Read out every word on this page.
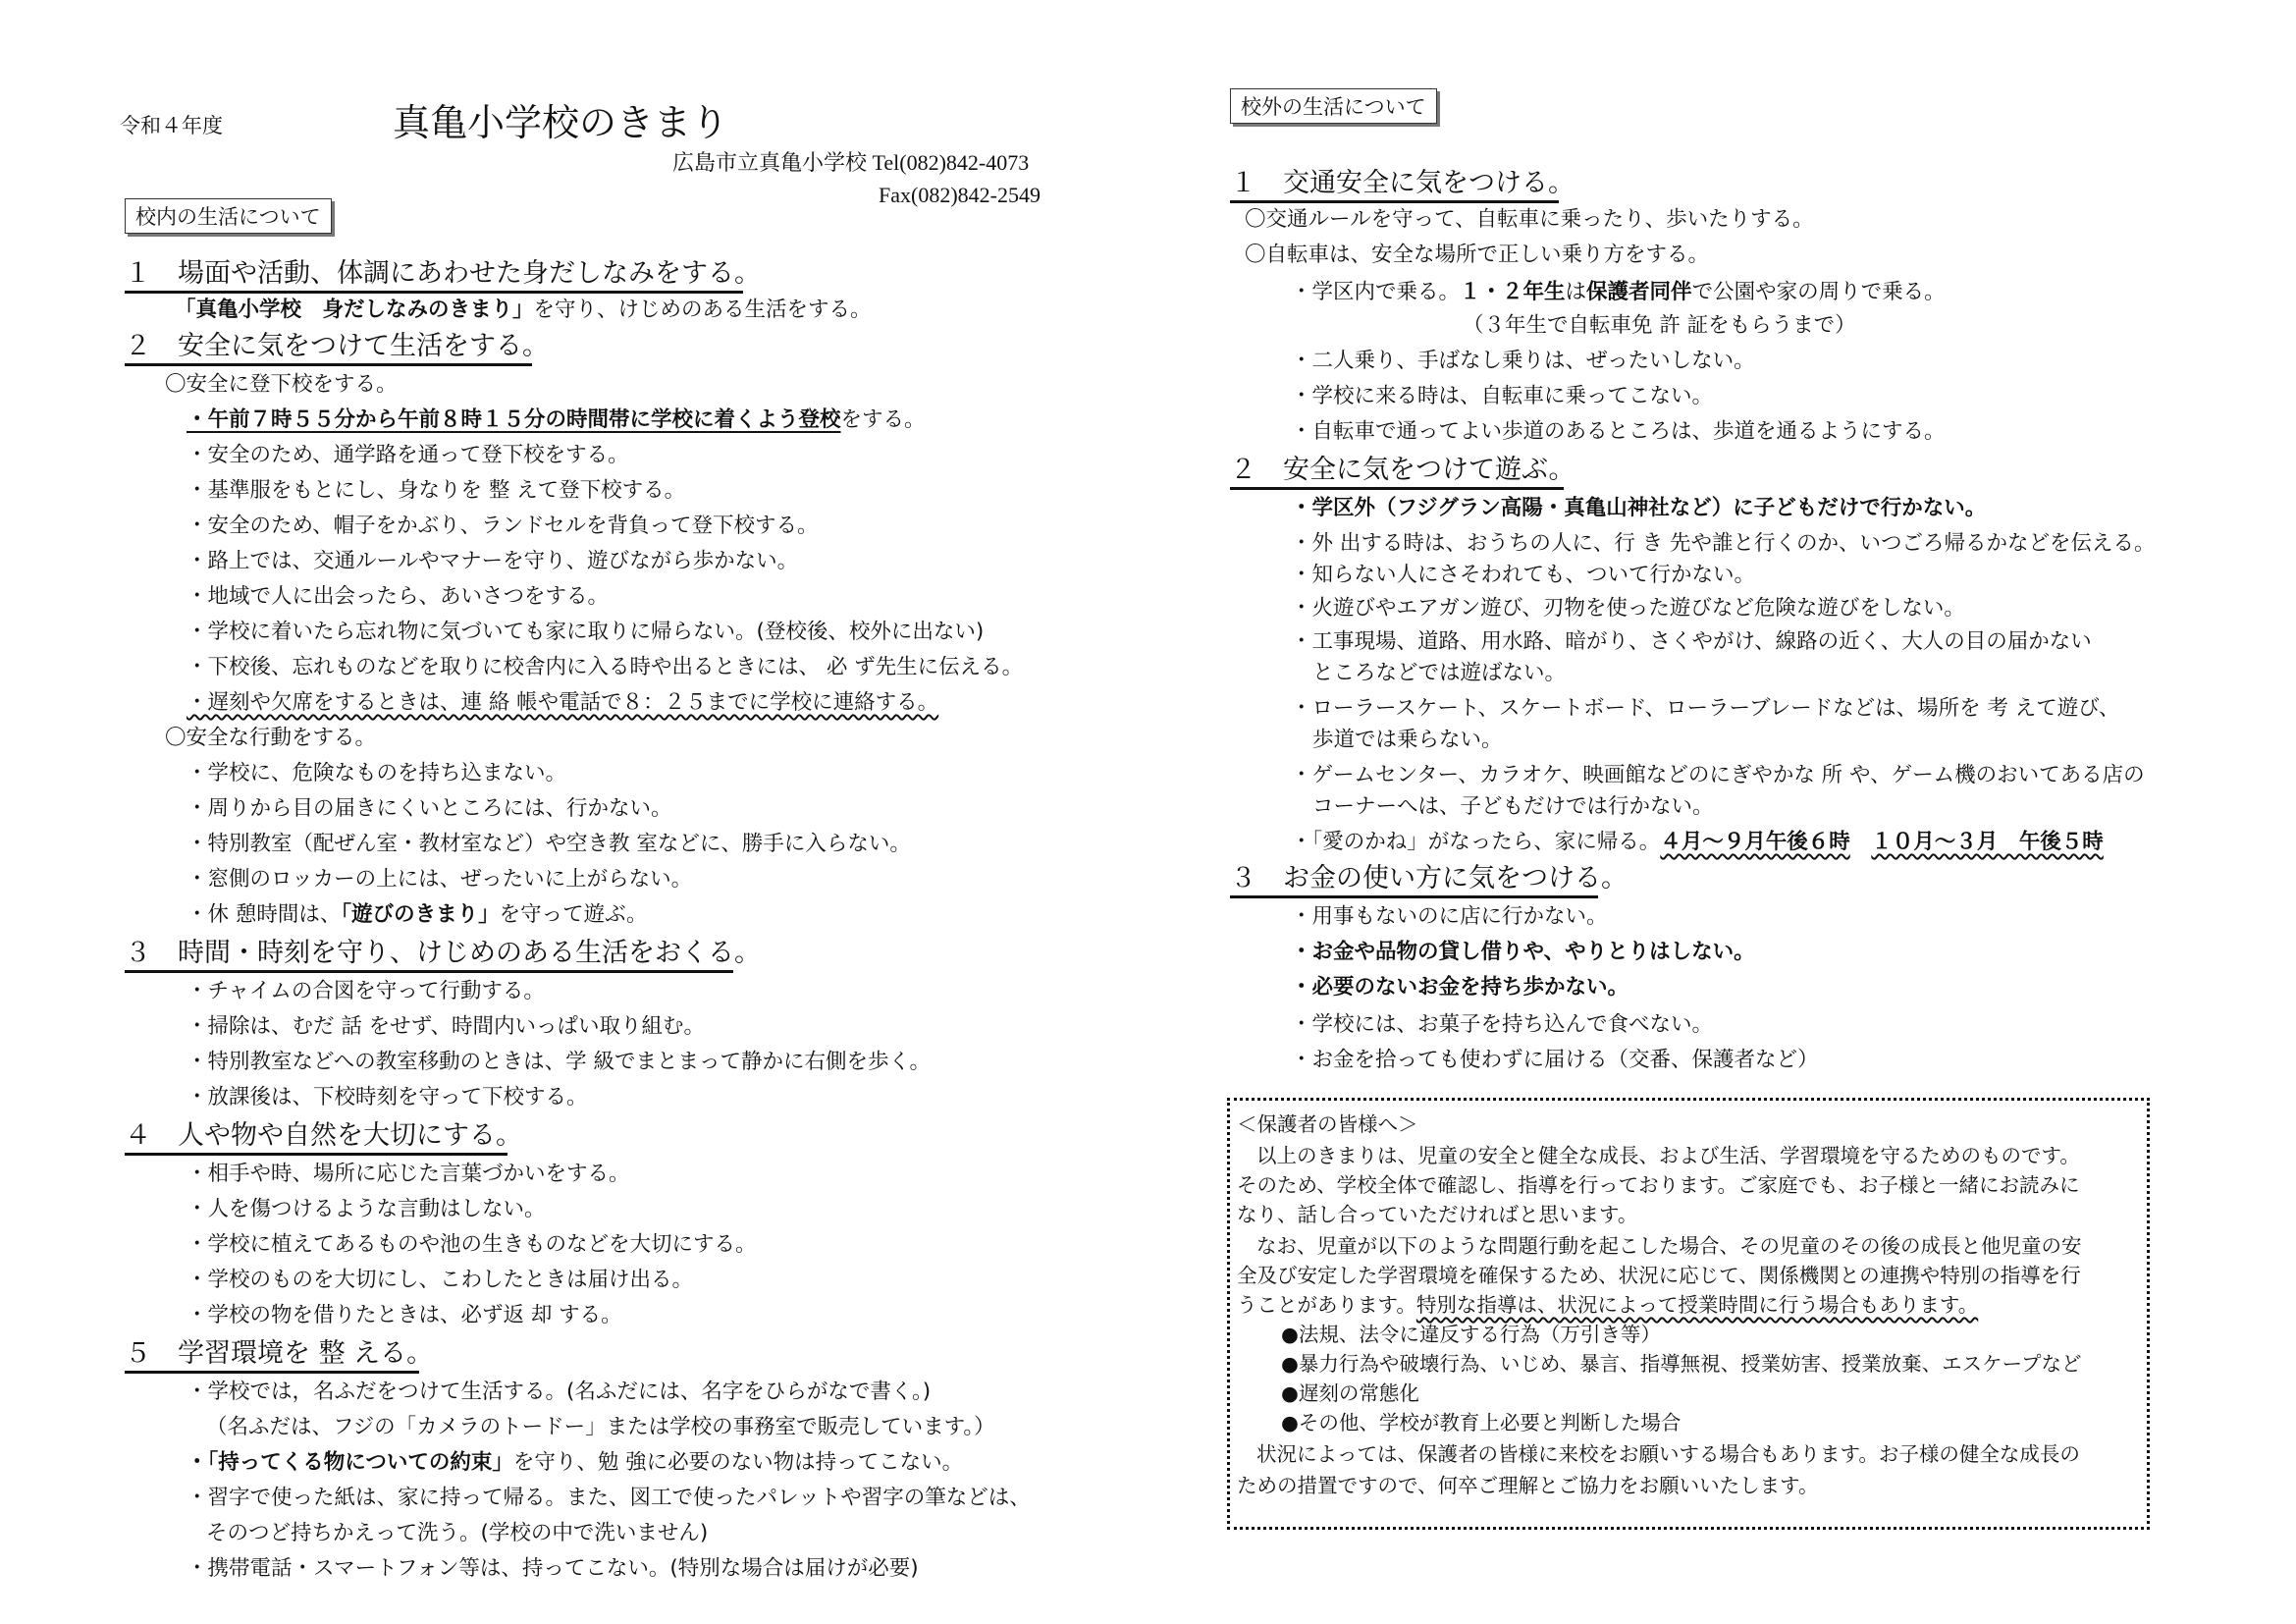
令和４年度	真亀小学校のきまり
広島市立真亀小学校 Tel(082)842-4073
Fax(082)842-2549
校内の生活について
１　場面や活動、体調にあわせた身だしなみをする。
「真亀小学校　身だしなみのきまり」を守り、けじめのある生活をする。
２　安全に気をつけて生活をする。
〇安全に登下校をする。
・午前７時５５分から午前８時１５分の時間帯に学校に着くよう登校をする。
・安全のため、通学路を通って登下校をする。
・基準服をもとにし、身なりを 整 えて登下校する。
・安全のため、帽子をかぶり、ランドセルを背負って登下校する。
・路上では、交通ルールやマナーを守り、遊びながら歩かない。
・地域で人に出会ったら、あいさつをする。
・学校に着いたら忘れ物に気づいても家に取りに帰らない。(登校後、校外に出ない)
・下校後、忘れものなどを取りに校舎内に入る時や出るときには、 必 ず先生に伝える。
・遅刻や欠席をするときは、連 絡 帳や電話で８：２５までに学校に連絡する。
〇安全な行動をする。
・学校に、危険なものを持ち込まない。
・周りから目の届きにくいところには、行かない。
・特別教室（配ぜん室・教材室など）や空き教 室などに、勝手に入らない。
・窓側のロッカーの上には、ぜったいに上がらない。
・休 憩時間は、「遊びのきまり」を守って遊ぶ。
３　時間・時刻を守り、けじめのある生活をおくる。
・チャイムの合図を守って行動する。
・掃除は、むだ 話 をせず、時間内いっぱい取り組む。
・特別教室などへの教室移動のときは、学 級でまとまって静かに右側を歩く。
・放課後は、下校時刻を守って下校する。
４　人や物や自然を大切にする。
・相手や時、場所に応じた言葉づかいをする。
・人を傷つけるような言動はしない。
・学校に植えてあるものや池の生きものなどを大切にする。
・学校のものを大切にし、こわしたときは届け出る。
・学校の物を借りたときは、必ず返 却 する。
５　学習環境を 整 える。
・学校では，名ふだをつけて生活する。(名ふだには、名字をひらがなで書く。)
（名ふだは、フジの「カメラのトードー」または学校の事務室で販売しています。）
・「持ってくる物についての約束」を守り、勉 強に必要のない物は持ってこない。
・習字で使った紙は、家に持って帰る。また、図工で使ったパレットや習字の筆などは、
そのつど持ちかえって洗う。(学校の中で洗いません)
・携帯電話・スマートフォン等は、持ってこない。(特別な場合は届けが必要)
校外の生活について
１　交通安全に気をつける。
〇交通ルールを守って、自転車に乗ったり、歩いたりする。
〇自転車は、安全な場所で正しい乗り方をする。
・学区内で乗る。１・２年生は保護者同伴で公園や家の周りで乗る。
（３年生で自転車免 許 証をもらうまで）
・二人乗り、手ばなし乗りは、ぜったいしない。
・学校に来る時は、自転車に乗ってこない。
・自転車で通ってよい歩道のあるところは、歩道を通るようにする。
２　安全に気をつけて遊ぶ。
・学区外（フジグラン高陽・真亀山神社など）に子どもだけで行かない。
・外 出する時は、おうちの人に、行 き 先や誰と行くのか、いつごろ帰るかなどを伝える。
・知らない人にさそわれても、ついて行かない。
・火遊びやエアガン遊び、刃物を使った遊びなど危険な遊びをしない。
・工事現場、道路、用水路、暗がり、さくやがけ、線路の近く、大人の目の届かない
ところなどでは遊ばない。
・ローラースケート、スケートボード、ローラーブレードなどは、場所を 考 えて遊び、
歩道では乗らない。
・ゲームセンター、カラオケ、映画館などのにぎやかな 所 や、ゲーム機のおいてある店の
コーナーへは、子どもだけでは行かない。
・「愛のかね」がなったら、家に帰る。４月～９月午後６時　 １０月～３月　午後５時
３　お金の使い方に気をつける。
・用事もないのに店に行かない。
・お金や品物の貸し借りや、やりとりはしない。
・必要のないお金を持ち歩かない。
・学校には、お菓子を持ち込んで食べない。
・お金を拾っても使わずに届ける（交番、保護者など）
＜保護者の皆様へ＞
以上のきまりは、児童の安全と健全な成長、および生活、学習環境を守るためのものです。
そのため、学校全体で確認し、指導を行っております。ご家庭でも、お子様と一緒にお読みに
なり、話し合っていただければと思います。
なお、児童が以下のような問題行動を起こした場合、その児童のその後の成長と他児童の安
全及び安定した学習環境を確保するため、状況に応じて、関係機関との連携や特別の指導を行
うことがあります。特別な指導は、状況によって授業時間に行う場合もあります。
●法規、法令に違反する行為（万引き等）
●暴力行為や破壊行為、いじめ、暴言、指導無視、授業妨害、授業放棄、エスケープなど
●遅刻の常態化
●その他、学校が教育上必要と判断した場合
状況によっては、保護者の皆様に来校をお願いする場合もあります。お子様の健全な成長の
ための措置ですので、何卒ご理解とご協力をお願いいたします。
